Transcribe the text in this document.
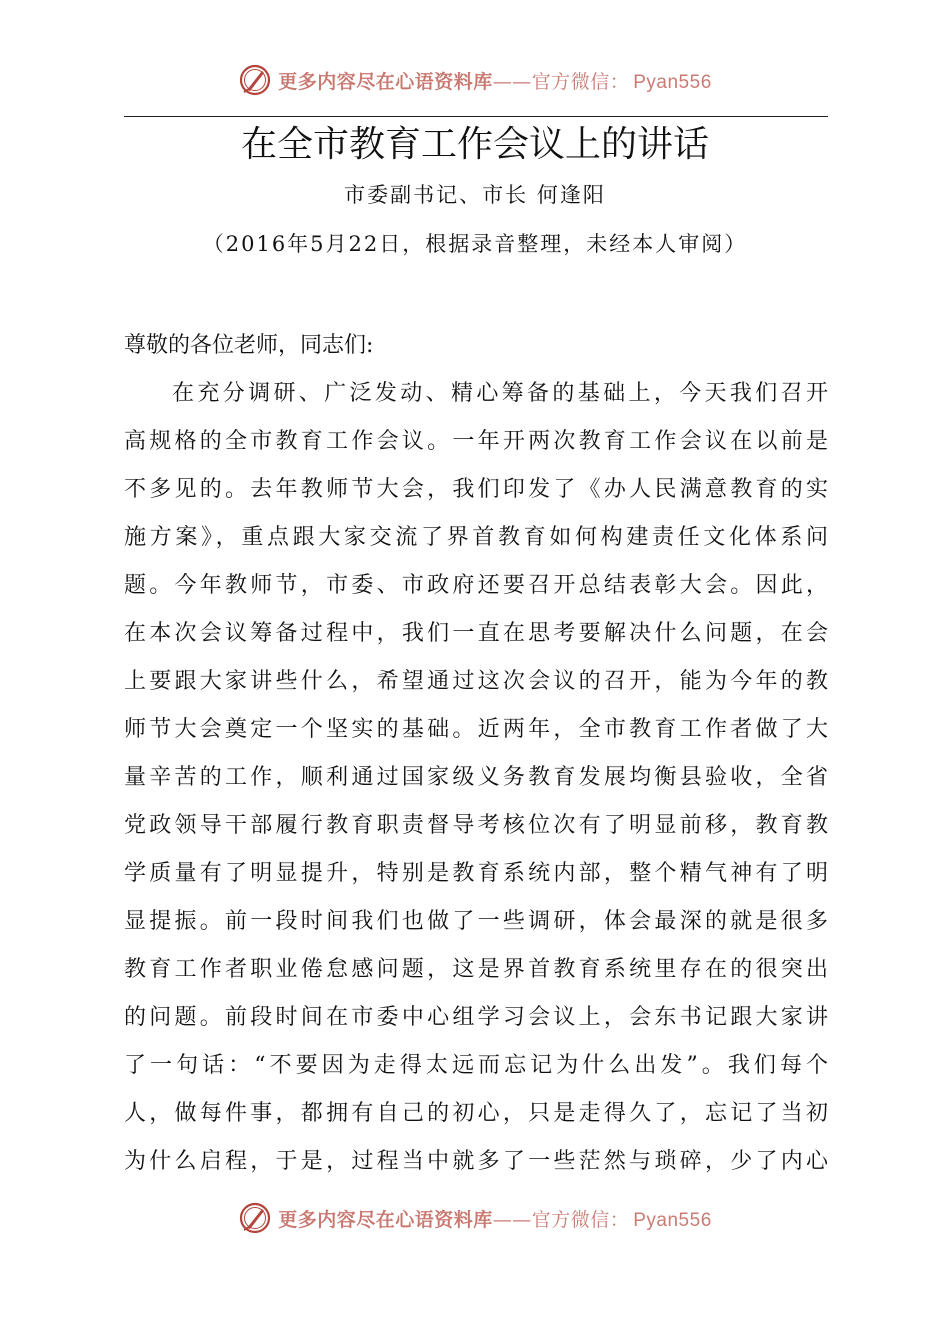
更多内容尽在心语资料库——官方微信： Pyan556
在全市教育工作会议上的讲话
市委副书记、市长 何逢阳
（2016年5月22日，根据录音整理，未经本人审阅）
尊敬的各位老师，同志们:
在充分调研、广泛发动、精心筹备的基础上，今天我们召开
高规格的全市教育工作会议。一年开两次教育工作会议在以前是
不多见的。去年教师节大会，我们印发了《办人民满意教育的实
施方案》，重点跟大家交流了界首教育如何构建责任文化体系问
题。今年教师节，市委、市政府还要召开总结表彰大会。因此，
在本次会议筹备过程中，我们一直在思考要解决什么问题，在会
上要跟大家讲些什么，希望通过这次会议的召开，能为今年的教
师节大会奠定一个坚实的基础。近两年，全市教育工作者做了大
量辛苦的工作，顺利通过国家级义务教育发展均衡县验收，全省
党政领导干部履行教育职责督导考核位次有了明显前移，教育教
学质量有了明显提升，特别是教育系统内部，整个精气神有了明
显提振。前一段时间我们也做了一些调研，体会最深的就是很多
教育工作者职业倦怠感问题，这是界首教育系统里存在的很突出
的问题。前段时间在市委中心组学习会议上，会东书记跟大家讲
了一句话：“不要因为走得太远而忘记为什么出发”。我们每个
人，做每件事，都拥有自己的初心，只是走得久了，忘记了当初
为什么启程，于是，过程当中就多了一些茫然与琐碎，少了内心
更多内容尽在心语资料库——官方微信： Pyan556
